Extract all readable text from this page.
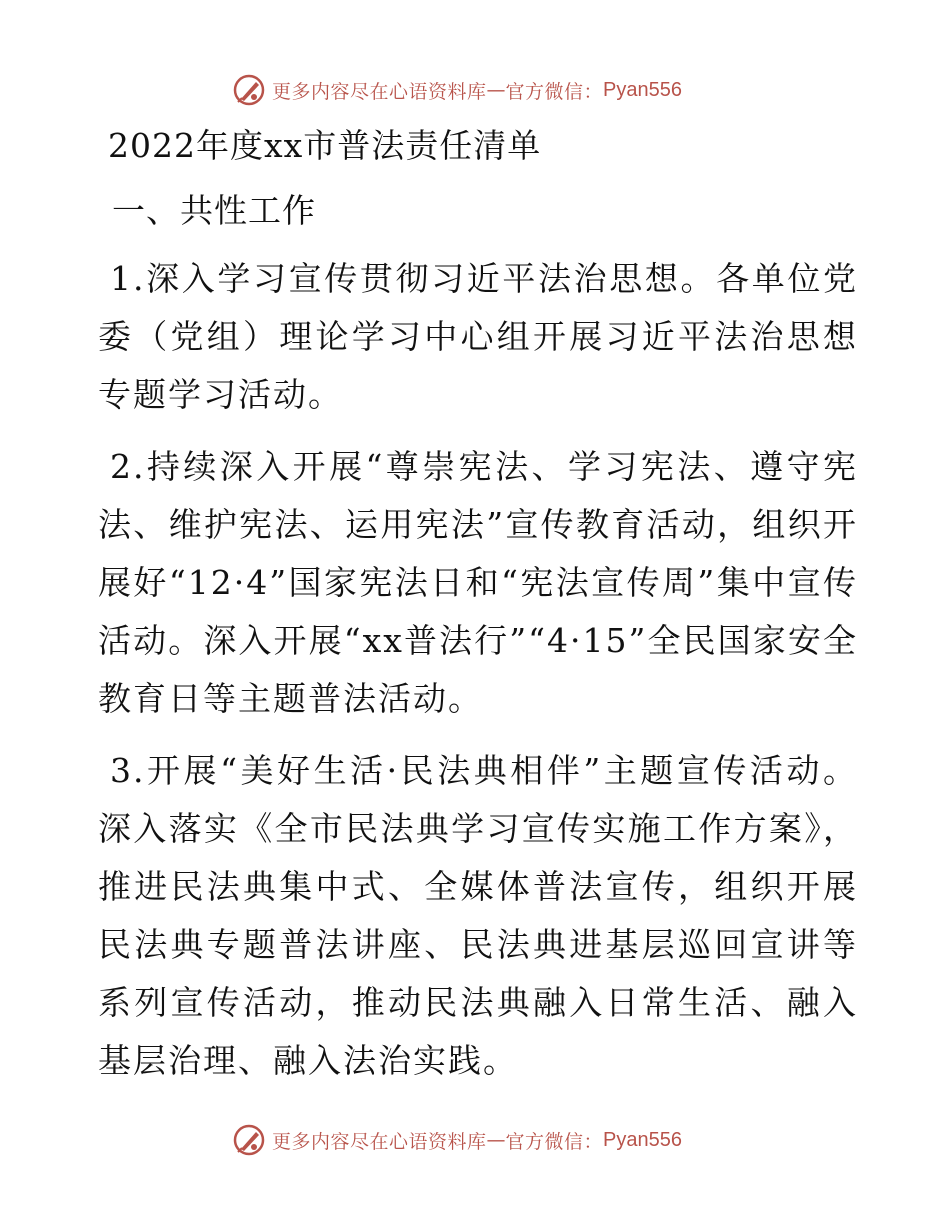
更多内容尽在心语资料库 — 官方微信： Pyan556
2022年度xx市普法责任清单
一、共性工作

1.深入学习宣传贯彻习近平法治思想。各单位党委（党组）理论学习中心组开展习近平法治思想专题学习活动。

2.持续深入开展“尊崇宪法、学习宪法、遵守宪法、维护宪法、运用宪法”宣传教育活动，组织开展好“12·4”国家宪法日和“宪法宣传周”集中宣传活动。深入开展“xx普法行”“4·15”全民国家安全教育日等主题普法活动。

3.开展“美好生活·民法典相伴”主题宣传活动。深入落实《全市民法典学习宣传实施工作方案》，推进民法典集中式、全媒体普法宣传，组织开展民法典专题普法讲座、民法典进基层巡回宣讲等系列宣传活动，推动民法典融入日常生活、融入基层治理、融入法治实践。

更多内容尽在心语资料库 — 官方微信： Pyan556
